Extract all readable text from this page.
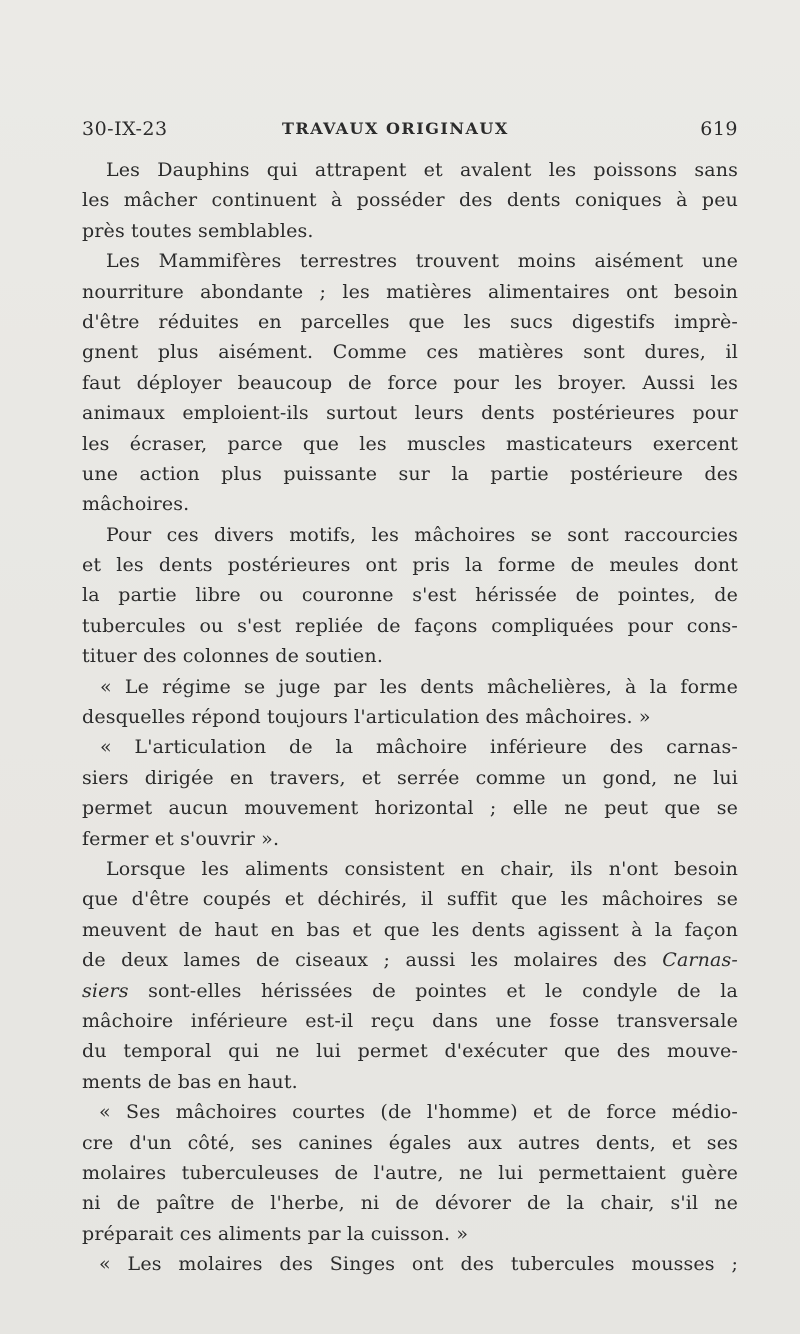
30-IX-23	TRAVAUX ORIGINAUX	619
Les Dauphins qui attrapent et avalent les poissons sans
les mâcher continuent à posséder des dents coniques à peu
près toutes semblables.
Les Mammifères terrestres trouvent moins aisément une
nourriture abondante ; les matières alimentaires ont besoin
d'être réduites en parcelles que les sucs digestifs imprè-
gnent plus aisément. Comme ces matières sont dures, il
faut déployer beaucoup de force pour les broyer. Aussi les
animaux emploient-ils surtout leurs dents postérieures pour
les écraser, parce que les muscles masticateurs exercent
une action plus puissante sur la partie postérieure des
mâchoires.
Pour ces divers motifs, les mâchoires se sont raccourcies
et les dents postérieures ont pris la forme de meules dont
la partie libre ou couronne s'est hérissée de pointes, de
tubercules ou s'est repliée de façons compliquées pour cons-
tituer des colonnes de soutien.
« Le régime se juge par les dents mâchelières, à la forme
desquelles répond toujours l'articulation des mâchoires. »
« L'articulation de la mâchoire inférieure des carnas-
siers dirigée en travers, et serrée comme un gond, ne lui
permet aucun mouvement horizontal ; elle ne peut que se
fermer et s'ouvrir ».
Lorsque les aliments consistent en chair, ils n'ont besoin
que d'être coupés et déchirés, il suffit que les mâchoires se
meuvent de haut en bas et que les dents agissent à la façon
de deux lames de ciseaux ; aussi les molaires des Carnas-
siers sont-elles hérissées de pointes et le condyle de la
mâchoire inférieure est-il reçu dans une fosse transversale
du temporal qui ne lui permet d'exécuter que des mouve-
ments de bas en haut.
« Ses mâchoires courtes (de l'homme) et de force médio-
cre d'un côté, ses canines égales aux autres dents, et ses
molaires tuberculeuses de l'autre, ne lui permettaient guère
ni de paître de l'herbe, ni de dévorer de la chair, s'il ne
préparait ces aliments par la cuisson. »
« Les molaires des Singes ont des tubercules mousses ;
